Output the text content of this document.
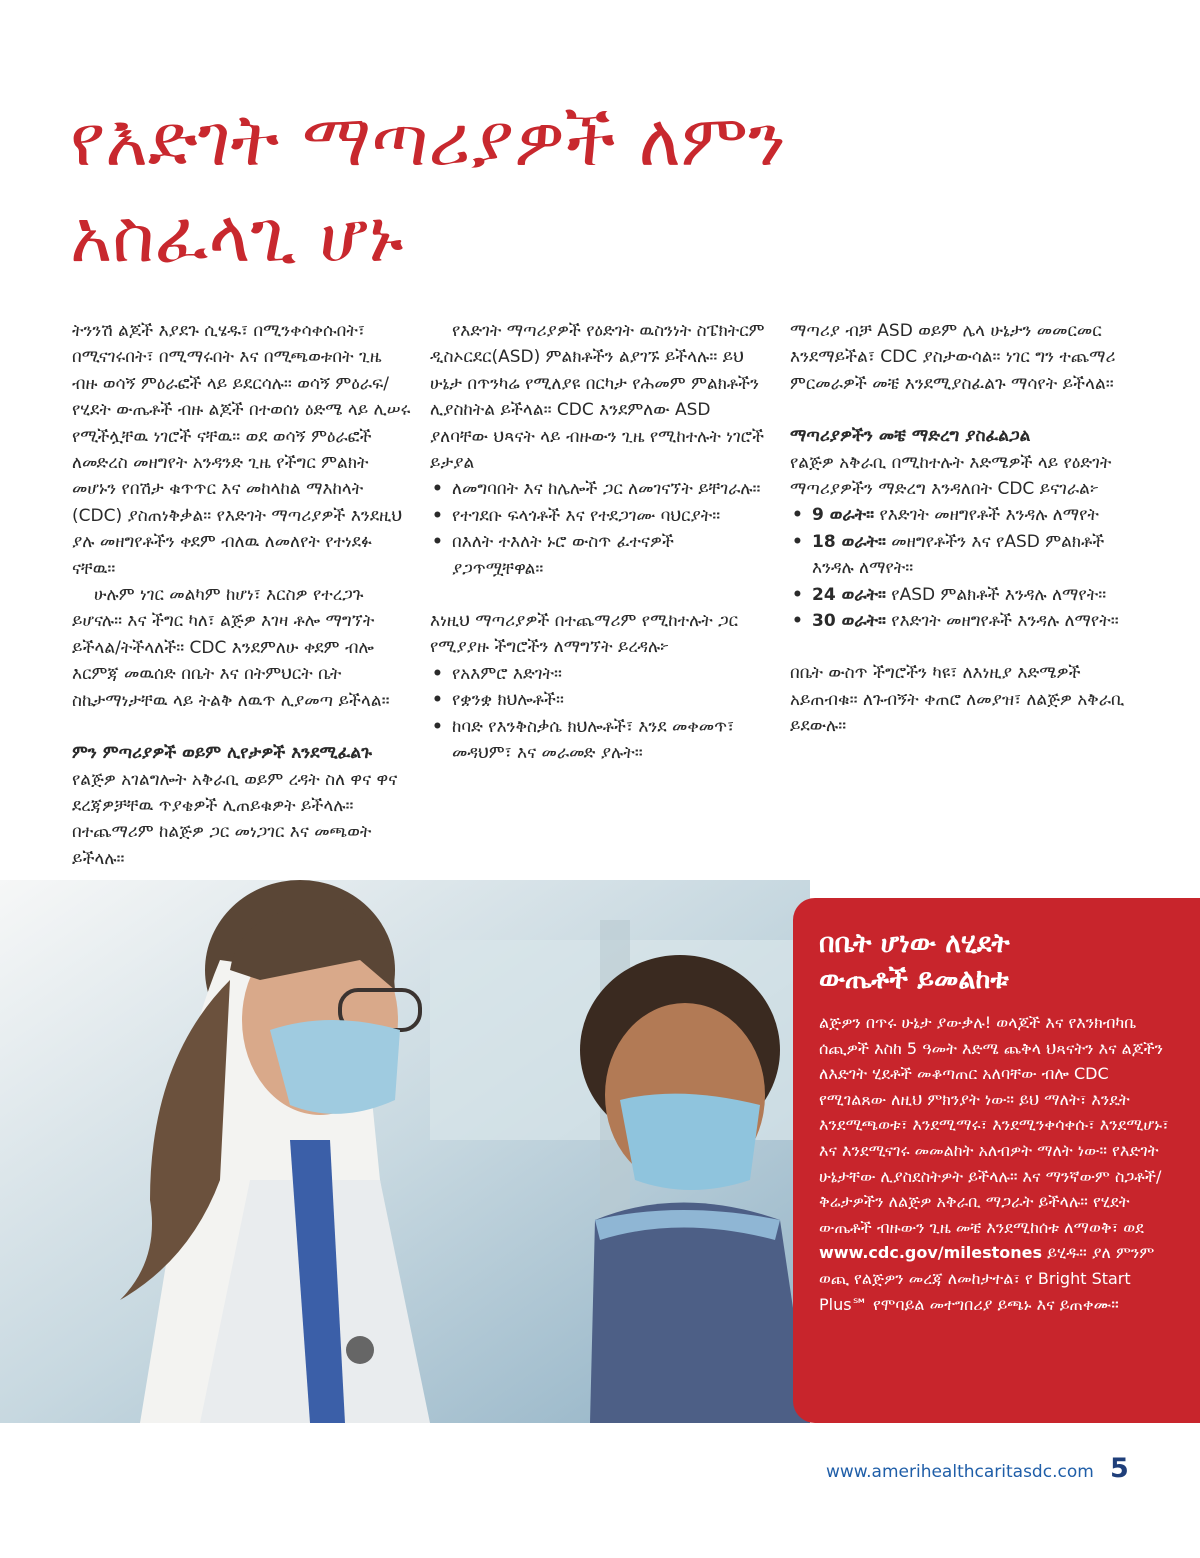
የእድገት ማጣሪያዎች ለምን
አስፈላጊ ሆኑ

ትንንሽ ልጆች እያደጉ ሲሄዱ፣ በሚንቀሳቀሱበት፣ በሚናገሩበት፣ በሚማሩበት እና በሚጫወቱበት ጊዜ ብዙ ወሳኝ ምዕራፎች ላይ ይደርሳሉ። ወሳኝ ምዕራፍ/የሂደት ውጤቶች ብዙ ልጆች በተወሰነ ዕድሜ ላይ ሊሠሩ የሚችሏቸዉ ነገሮች ናቸዉ። ወደ ወሳኝ ምዕራፎች ለመድረስ መዘግየት አንዳንድ ጊዜ የችግር ምልክት መሆኑን የበሽታ ቁጥጥር እና መከላከል ማእከላት (CDC) ያስጠነቅቃል። የእድገት ማጣሪያዎች እንደዚህ ያሉ መዘግየቶችን ቀደም ብለዉ ለመለየት የተነደፉ ናቸዉ።

ሁሉም ነገር መልካም ከሆነ፣ እርስዎ የተረጋጉ ይሆናሉ። እና ችግር ካለ፣ ልጅዎ እገዛ ቶሎ ማግኘት ይችላል/ትችላለች። CDC እንደምለሁ ቀደም ብሎ እርምጃ መዉሰድ በቤት እና በትምህርት ቤት ስኬታማነታቸዉ ላይ ትልቅ ለዉጥ ሊያመጣ ይችላል።

ምን ምጣሪያዎች ወይም ሊየታዎች እንደሚፈልጉ

የልጅዎ አገልግሎት አቅራቢ ወይም ረዳት ስለ ዋና ዋና ደረጃዎቻቸዉ ጥያቄዎች ሊጠይቁዎት ይችላሉ። በተጨማሪም ከልጅዎ ጋር መነጋገር እና መጫወት ይችላሉ።

የእድገት ማጣሪያዎች የዕድገት ዉስንነት ስፔክትርም ዲስኦርደር(ASD) ምልክቶችን ልያገኙ ይችላሉ። ይህ ሁኔታ በጥንካሬ የሚለያዩ በርካታ የሕመም ምልክቶችን ሊያስከትል ይችላል። CDC እንደምለው ASD ያለባቸው ህጻናት ላይ ብዙውን ጊዜ የሚከተሉት ነገሮች ይታያል

• ለመግባበት እና ከሌሎች ጋር ለመገናኘት ይቸገራሉ።
• የተገደቡ ፍላጎቶች እና የተደጋገሙ ባህርያት።
• በእለት ተእለት ኑሮ ውስጥ ፈተናዎች ያጋጥሟቸዋል።

እነዚህ ማጣሪያዎች በተጨማሪም የሚከተሉት ጋር የሚያያዙ ችግሮችን ለማግኘት ይረዳሉ፦

• የአእምሮ እድገት።
• የቋንቋ ክህሎቶች።
• ከባድ የእንቅስቃሴ ክህሎቶች፣ እንደ መቀመጥ፣ መዳህም፣ እና መራመድ ያሉት።

ማጣሪያ ብቻ ASD ወይም ሌላ ሁኔታን መመርመር እንደማይችል፣ CDC ያስታውሳል። ነገር ግን ተጨማሪ ምርመራዎች መቼ እንደሚያስፈልጉ ማሳየት ይችላል።

ማጣሪያዎችን መቼ ማድረግ ያስፈልጋል

የልጅዎ አቅራቢ በሚከተሉት እድሜዎች ላይ የዕድገት ማጣሪያዎችን ማድረግ እንዳለበት CDC ይናገራል፦

• 9 ወራት። የእድገት መዘግየቶች እንዳሉ ለማየት
• 18 ወራት። መዘግየቶችን እና የASD ምልክቶች እንዳሉ ለማየት።
• 24 ወራት። የASD ምልክቶች እንዳሉ ለማየት።
• 30 ወራት። የእድገት መዘግየቶች እንዳሉ ለማየት።

በቤት ውስጥ ችግሮችን ካዩ፣ ለእነዚያ እድሜዎች አይጠብቁ። ለጉብኝት ቀጠሮ ለመያዝ፣ ለልጅዎ አቅራቢ ይደውሉ።

በቤት ሆነው ለሂደት
ውጤቶች ይመልከቱ

ልጅዎን በጥሩ ሁኔታ ያውቃሉ! ወላጆች እና የእንክብካቤ ሰጪዎች እስከ 5 ዓመት እድሜ ጨቅላ ህጻናትን እና ልጆችን ለእድገት ሂደቶች መቆጣጠር አለባቸው ብሎ CDC የሚገልጸው ለዚህ ምክንያት ነው። ይህ ማለት፣ እንዴት እንደሚጫወቱ፣ እንደሚማሩ፣ እንደሚንቀሳቀሱ፣ እንደሚሆኑ፣ እና እንደሚናገሩ መመልከት አለብዎት ማለት ነው። የእድገት ሁኔታቸው ሊያስደስትዎት ይችላሉ። እና ማንኛውም ስጋቶች/ቅሬታዎችን ለልጅዎ አቅራቢ ማጋራት ይችላሉ። የሂደት ውጤቶች ብዙውን ጊዜ መቼ እንደሚከሰቱ ለማወቅ፣ ወደ www.cdc.gov/milestones ይሂዱ። ያለ ምንም ወጪ የልጅዎን መረጃ ለመከታተል፣ የ Bright Start Plus℠ የሞባይል መተግበሪያ ይጫኑ እና ይጠቀሙ።

www.amerihealthcaritasdc.com 5
